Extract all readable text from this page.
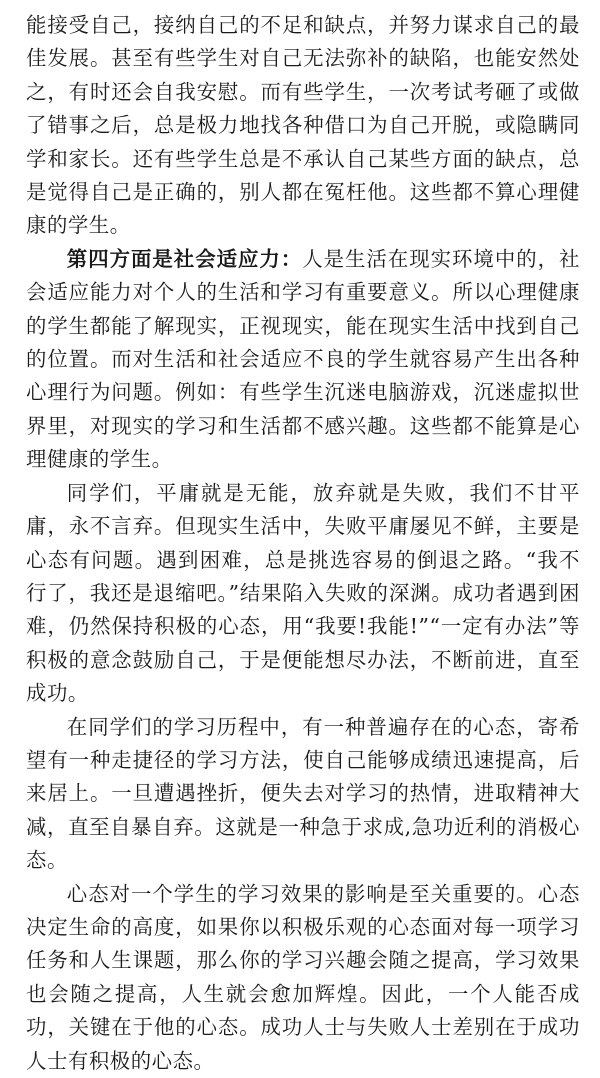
能接受自己，接纳自己的不足和缺点，并努力谋求自己的最佳发展。甚至有些学生对自己无法弥补的缺陷，也能安然处之，有时还会自我安慰。而有些学生，一次考试考砸了或做了错事之后，总是极力地找各种借口为自己开脱，或隐瞒同学和家长。还有些学生总是不承认自己某些方面的缺点，总是觉得自己是正确的，别人都在冤枉他。这些都不算心理健康的学生。

第四方面是社会适应力：人是生活在现实环境中的，社会适应能力对个人的生活和学习有重要意义。所以心理健康的学生都能了解现实，正视现实，能在现实生活中找到自己的位置。而对生活和社会适应不良的学生就容易产生出各种心理行为问题。例如：有些学生沉迷电脑游戏，沉迷虚拟世界里，对现实的学习和生活都不感兴趣。这些都不能算是心理健康的学生。

同学们，平庸就是无能，放弃就是失败，我们不甘平庸，永不言弃。但现实生活中，失败平庸屡见不鲜，主要是心态有问题。遇到困难，总是挑选容易的倒退之路。“我不行了，我还是退缩吧。”结果陷入失败的深渊。成功者遇到困难，仍然保持积极的心态，用“我要!我能!”“一定有办法”等积极的意念鼓励自己，于是便能想尽办法，不断前进，直至成功。

在同学们的学习历程中，有一种普遍存在的心态，寄希望有一种走捷径的学习方法，使自己能够成绩迅速提高，后来居上。一旦遭遇挫折，便失去对学习的热情，进取精神大减，直至自暴自弃。这就是一种急于求成,急功近利的消极心态。

心态对一个学生的学习效果的影响是至关重要的。心态决定生命的高度，如果你以积极乐观的心态面对每一项学习任务和人生课题，那么你的学习兴趣会随之提高，学习效果也会随之提高，人生就会愈加辉煌。因此，一个人能否成功，关键在于他的心态。成功人士与失败人士差别在于成功人士有积极的心态。
